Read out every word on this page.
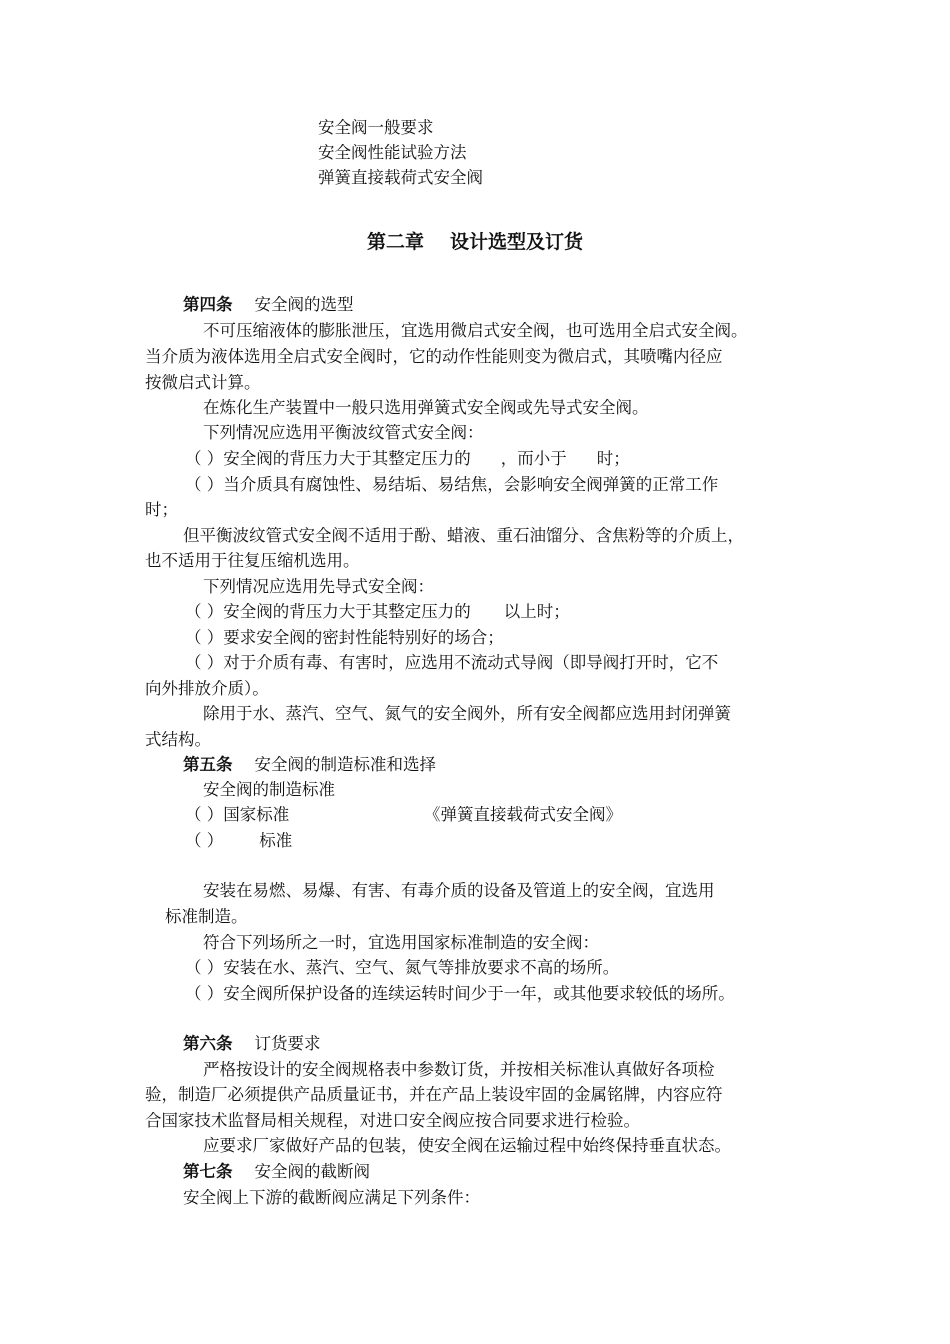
安全阀一般要求
安全阀性能试验方法
弹簧直接载荷式安全阀
第二章 设计选型及订货
第四条 安全阀的选型
不可压缩液体的膨胀泄压，宜选用微启式安全阀，也可选用全启式安全阀。
当介质为液体选用全启式安全阀时，它的动作性能则变为微启式，其喷嘴内径应
按微启式计算。
在炼化生产装置中一般只选用弹簧式安全阀或先导式安全阀。
下列情况应选用平衡波纹管式安全阀：
（ ）安全阀的背压力大于其整定压力的 ，而小于 时；
（ ）当介质具有腐蚀性、易结垢、易结焦，会影响安全阀弹簧的正常工作
时；
但平衡波纹管式安全阀不适用于酚、蜡液、重石油馏分、含焦粉等的介质上，
也不适用于往复压缩机选用。
下列情况应选用先导式安全阀：
（ ）安全阀的背压力大于其整定压力的 以上时；
（ ）要求安全阀的密封性能特别好的场合；
（ ）对于介质有毒、有害时，应选用不流动式导阀（即导阀打开时，它不
向外排放介质）。
除用于水、蒸汽、空气、氮气的安全阀外，所有安全阀都应选用封闭弹簧
式结构。
第五条 安全阀的制造标准和选择
安全阀的制造标准
（ ）国家标准	《弹簧直接载荷式安全阀》
（ ） 标准
安装在易燃、易爆、有害、有毒介质的设备及管道上的安全阀，宜选用
标准制造。
符合下列场所之一时，宜选用国家标准制造的安全阀：
（ ）安装在水、蒸汽、空气、氮气等排放要求不高的场所。
（ ）安全阀所保护设备的连续运转时间少于一年，或其他要求较低的场所。
第六条 订货要求
严格按设计的安全阀规格表中参数订货，并按相关标准认真做好各项检
验，制造厂必须提供产品质量证书，并在产品上装设牢固的金属铭牌，内容应符
合国家技术监督局相关规程，对进口安全阀应按合同要求进行检验。
应要求厂家做好产品的包装，使安全阀在运输过程中始终保持垂直状态。
第七条 安全阀的截断阀
安全阀上下游的截断阀应满足下列条件：
